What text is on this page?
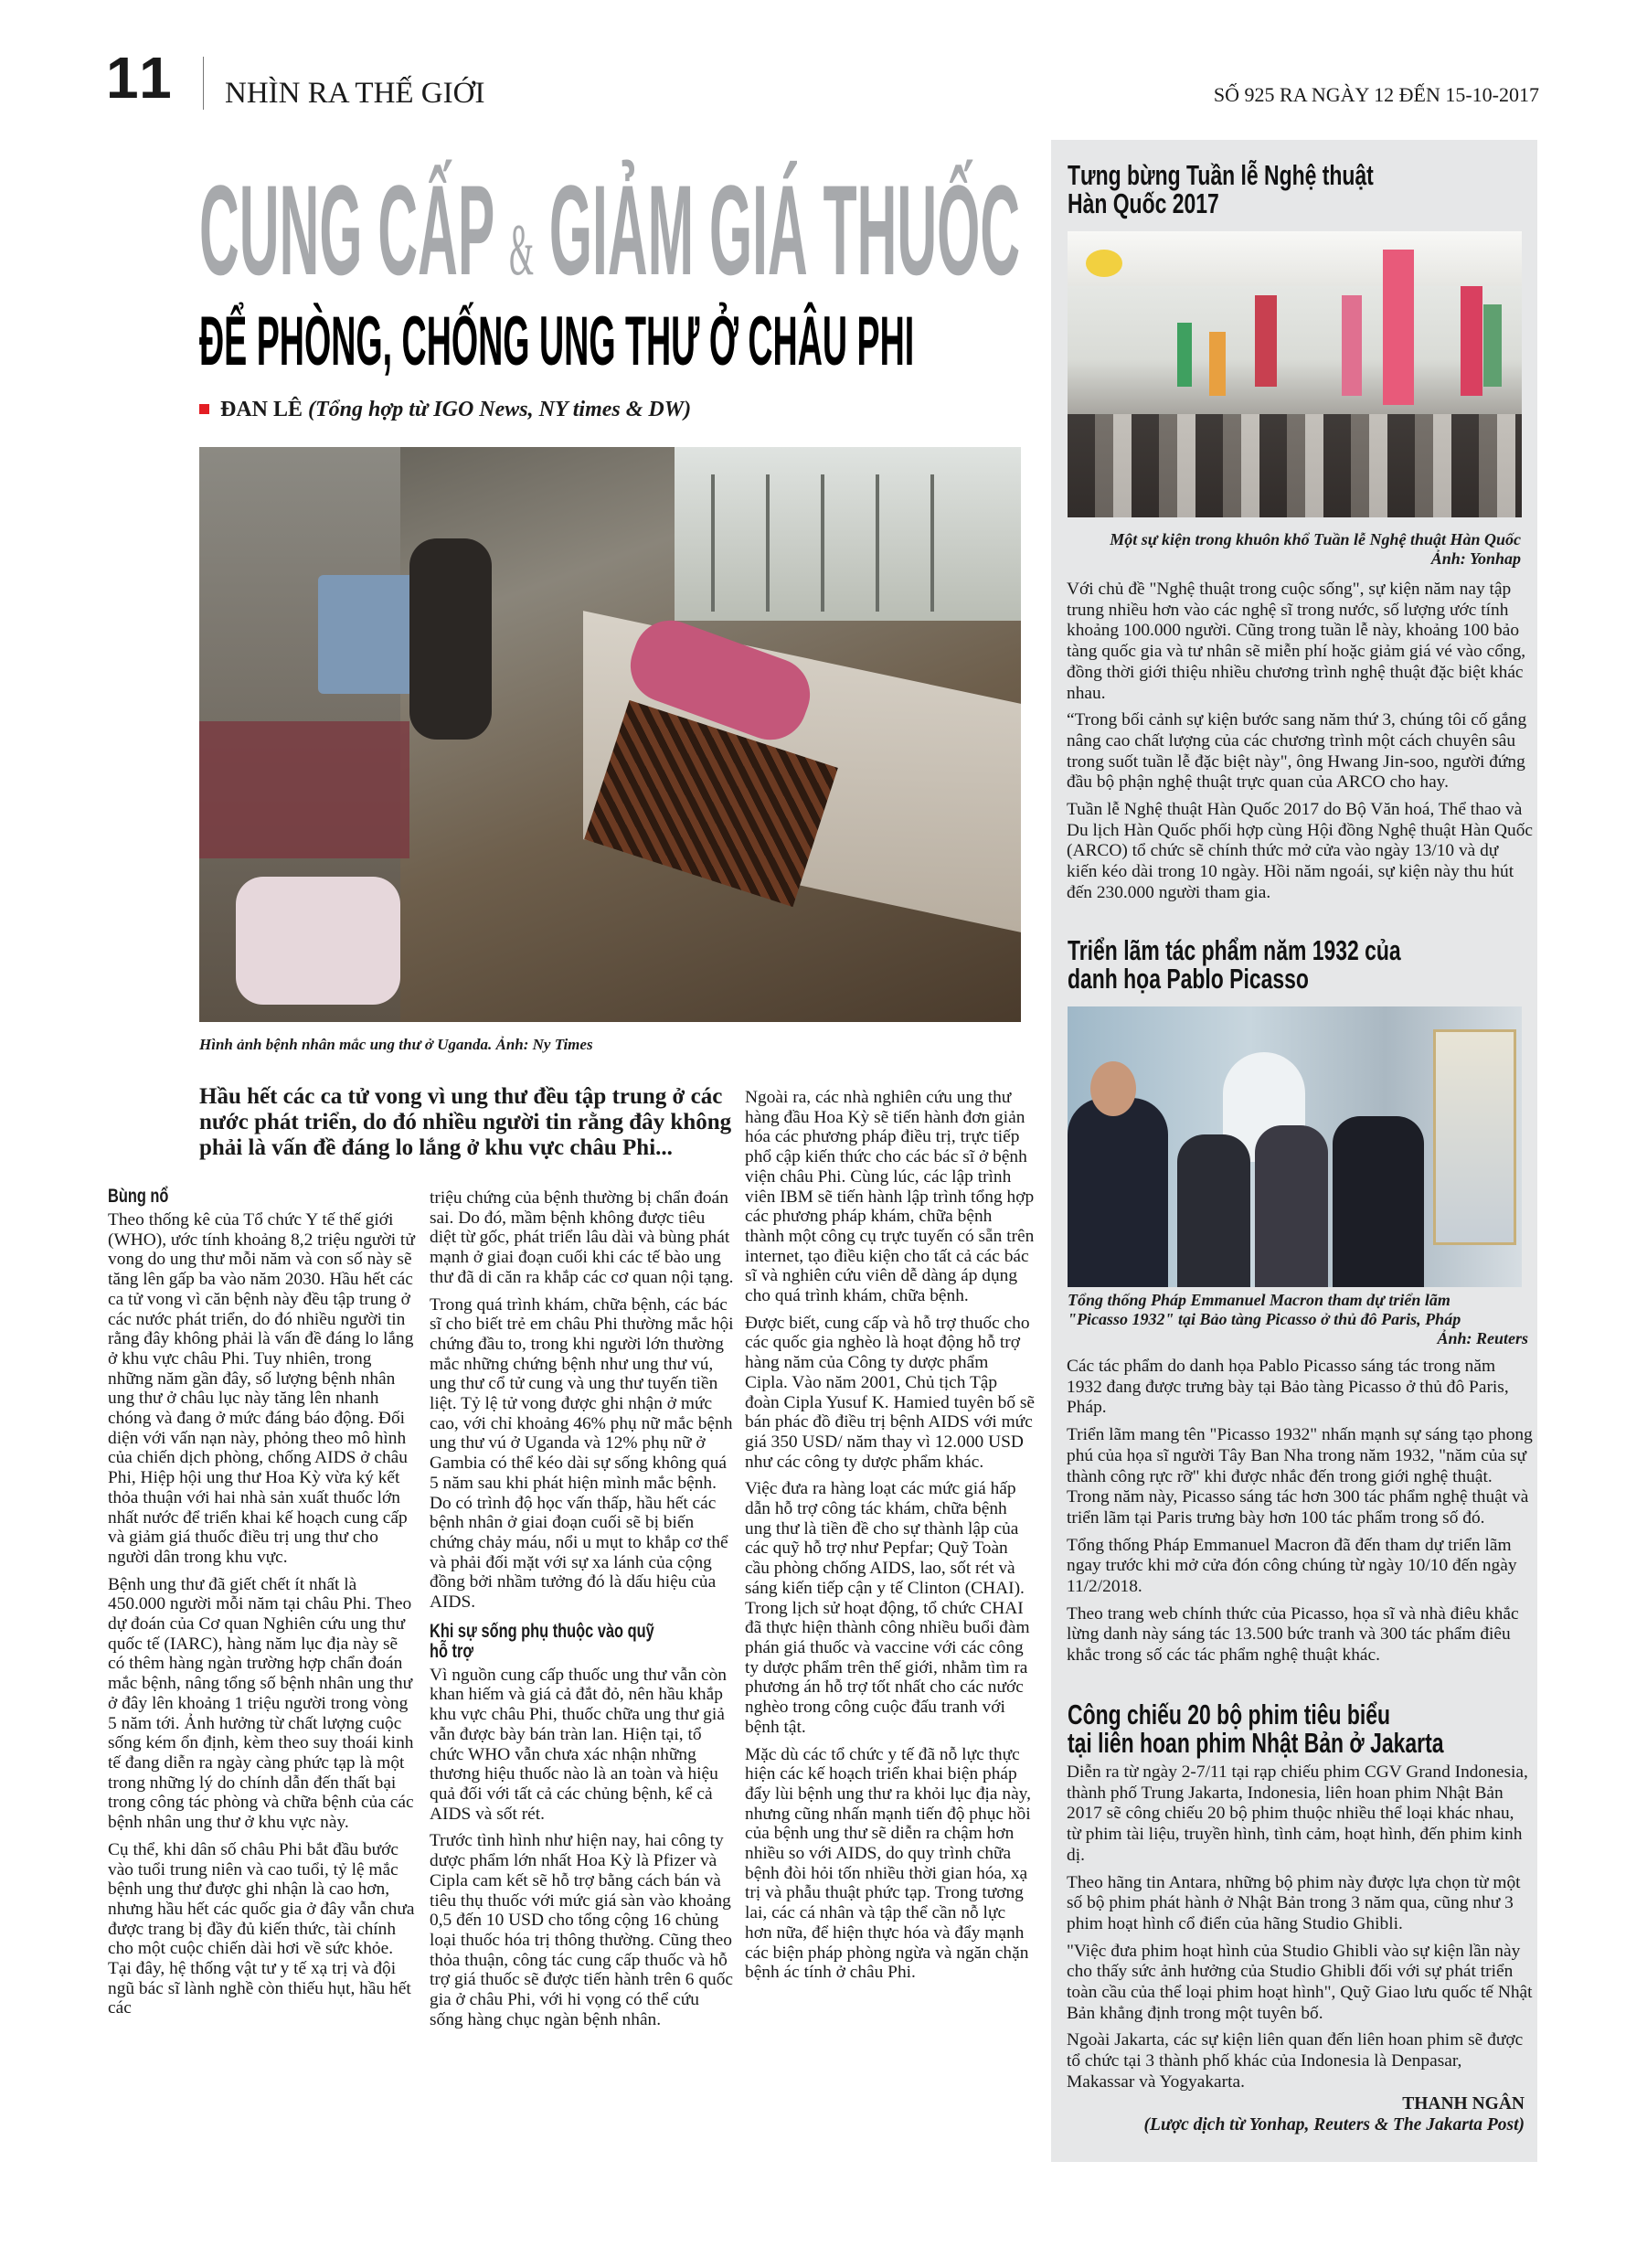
11 NHÌN RA THẾ GIỚI	SỐ 925 RA NGÀY 12 ĐẾN 15-10-2017
CUNG CẤP & GIẢM GIÁ THUỐC
ĐỂ PHÒNG, CHỐNG UNG THƯ Ở CHÂU PHI
ĐAN LÊ (Tổng hợp từ IGO News, NY times & DW)
Hình ảnh bệnh nhân mắc ung thư ở Uganda. Ảnh: Ny Times
Hầu hết các ca tử vong vì ung thư đều tập trung ở các nước phát triển, do đó nhiều người tin rằng đây không phải là vấn đề đáng lo lắng ở khu vực châu Phi...
Bùng nổ

Theo thống kê của Tổ chức Y tế thế giới (WHO), ước tính khoảng 8,2 triệu người tử vong do ung thư mỗi năm và con số này sẽ tăng lên gấp ba vào năm 2030. Hầu hết các ca tử vong vì căn bệnh này đều tập trung ở các nước phát triển, do đó nhiều người tin rằng đây không phải là vấn đề đáng lo lắng ở khu vực châu Phi. Tuy nhiên, trong những năm gần đây, số lượng bệnh nhân ung thư ở châu lục này tăng lên nhanh chóng và đang ở mức đáng báo động. Đối diện với vấn nạn này, phỏng theo mô hình của chiến dịch phòng, chống AIDS ở châu Phi, Hiệp hội ung thư Hoa Kỳ vừa ký kết thỏa thuận với hai nhà sản xuất thuốc lớn nhất nước để triển khai kế hoạch cung cấp và giảm giá thuốc điều trị ung thư cho người dân trong khu vực.

Bệnh ung thư đã giết chết ít nhất là 450.000 người mỗi năm tại châu Phi. Theo dự đoán của Cơ quan Nghiên cứu ung thư quốc tế (IARC), hàng năm lục địa này sẽ có thêm hàng ngàn trường hợp chẩn đoán mắc bệnh, nâng tổng số bệnh nhân ung thư ở đây lên khoảng 1 triệu người trong vòng 5 năm tới. Ảnh hưởng từ chất lượng cuộc sống kém ổn định, kèm theo suy thoái kinh tế đang diễn ra ngày càng phức tạp là một trong những lý do chính dẫn đến thất bại trong công tác phòng và chữa bệnh của các bệnh nhân ung thư ở khu vực này.

Cụ thể, khi dân số châu Phi bắt đầu bước vào tuổi trung niên và cao tuổi, tỷ lệ mắc bệnh ung thư được ghi nhận là cao hơn, nhưng hầu hết các quốc gia ở đây vẫn chưa được trang bị đầy đủ kiến thức, tài chính cho một cuộc chiến dài hơi về sức khỏe. Tại đây, hệ thống vật tư y tế xạ trị và đội ngũ bác sĩ lành nghề còn thiếu hụt, hầu hết các

triệu chứng của bệnh thường bị chẩn đoán sai. Do đó, mầm bệnh không được tiêu diệt từ gốc, phát triển lâu dài và bùng phát mạnh ở giai đoạn cuối khi các tế bào ung thư đã di căn ra khắp các cơ quan nội tạng.

Trong quá trình khám, chữa bệnh, các bác sĩ cho biết trẻ em châu Phi thường mắc hội chứng đầu to, trong khi người lớn thường mắc những chứng bệnh như ung thư vú, ung thư cổ tử cung và ung thư tuyến tiền liệt. Tỷ lệ tử vong được ghi nhận ở mức cao, với chỉ khoảng 46% phụ nữ mắc bệnh ung thư vú ở Uganda và 12% phụ nữ ở Gambia có thể kéo dài sự sống không quá 5 năm sau khi phát hiện mình mắc bệnh. Do có trình độ học vấn thấp, hầu hết các bệnh nhân ở giai đoạn cuối sẽ bị biến chứng chảy máu, nổi u mụt to khắp cơ thể và phải đối mặt với sự xa lánh của cộng đồng bởi nhầm tưởng đó là dấu hiệu của AIDS.

Khi sự sống phụ thuộc vào quỹ
hỗ trợ

Vì nguồn cung cấp thuốc ung thư vẫn còn khan hiếm và giá cả đắt đỏ, nên hầu khắp khu vực châu Phi, thuốc chữa ung thư giả vẫn được bày bán tràn lan. Hiện tại, tổ chức WHO vẫn chưa xác nhận những thương hiệu thuốc nào là an toàn và hiệu quả đối với tất cả các chủng bệnh, kể cả AIDS và sốt rét.

Trước tình hình như hiện nay, hai công ty dược phẩm lớn nhất Hoa Kỳ là Pfizer và Cipla cam kết sẽ hỗ trợ bằng cách bán và tiêu thụ thuốc với mức giá sàn vào khoảng 0,5 đến 10 USD cho tổng cộng 16 chủng loại thuốc hóa trị thông thường. Cũng theo thỏa thuận, công tác cung cấp thuốc và hỗ trợ giá thuốc sẽ được tiến hành trên 6 quốc gia ở châu Phi, với hi vọng có thể cứu sống hàng chục ngàn bệnh nhân.

Ngoài ra, các nhà nghiên cứu ung thư hàng đầu Hoa Kỳ sẽ tiến hành đơn giản hóa các phương pháp điều trị, trực tiếp phổ cập kiến thức cho các bác sĩ ở bệnh viện châu Phi. Cùng lúc, các lập trình viên IBM sẽ tiến hành lập trình tổng hợp các phương pháp khám, chữa bệnh thành một công cụ trực tuyến có sẵn trên internet, tạo điều kiện cho tất cả các bác sĩ và nghiên cứu viên dễ dàng áp dụng cho quá trình khám, chữa bệnh.

Được biết, cung cấp và hỗ trợ thuốc cho các quốc gia nghèo là hoạt động hỗ trợ hàng năm của Công ty dược phẩm Cipla. Vào năm 2001, Chủ tịch Tập đoàn Cipla Yusuf K. Hamied tuyên bố sẽ bán phác đồ điều trị bệnh AIDS với mức giá 350 USD/ năm thay vì 12.000 USD như các công ty dược phẩm khác.

Việc đưa ra hàng loạt các mức giá hấp dẫn hỗ trợ công tác khám, chữa bệnh ung thư là tiền đề cho sự thành lập của các quỹ hỗ trợ như Pepfar; Quỹ Toàn cầu phòng chống AIDS, lao, sốt rét và sáng kiến tiếp cận y tế Clinton (CHAI). Trong lịch sử hoạt động, tổ chức CHAI đã thực hiện thành công nhiều buổi đàm phán giá thuốc và vaccine với các công ty dược phẩm trên thế giới, nhằm tìm ra phương án hỗ trợ tốt nhất cho các nước nghèo trong công cuộc đấu tranh với bệnh tật.

Mặc dù các tổ chức y tế đã nỗ lực thực hiện các kế hoạch triển khai biện pháp đẩy lùi bệnh ung thư ra khỏi lục địa này, nhưng cũng nhấn mạnh tiến độ phục hồi của bệnh ung thư sẽ diễn ra chậm hơn nhiều so với AIDS, do quy trình chữa bệnh đòi hỏi tốn nhiều thời gian hóa, xạ trị và phẫu thuật phức tạp. Trong tương lai, các cá nhân và tập thể cần nỗ lực hơn nữa, để hiện thực hóa và đẩy mạnh các biện pháp phòng ngừa và ngăn chặn bệnh ác tính ở châu Phi.

Tưng bừng Tuần lễ Nghệ thuật
Hàn Quốc 2017
Một sự kiện trong khuôn khổ Tuần lễ Nghệ thuật Hàn Quốc
Ảnh: Yonhap

Với chủ đề "Nghệ thuật trong cuộc sống", sự kiện năm nay tập trung nhiều hơn vào các nghệ sĩ trong nước, số lượng ước tính khoảng 100.000 người. Cũng trong tuần lễ này, khoảng 100 bảo tàng quốc gia và tư nhân sẽ miễn phí hoặc giảm giá vé vào cổng, đồng thời giới thiệu nhiều chương trình nghệ thuật đặc biệt khác nhau.

“Trong bối cảnh sự kiện bước sang năm thứ 3, chúng tôi cố gắng nâng cao chất lượng của các chương trình một cách chuyên sâu trong suốt tuần lễ đặc biệt này", ông Hwang Jin-soo, người đứng đầu bộ phận nghệ thuật trực quan của ARCO cho hay.

Tuần lễ Nghệ thuật Hàn Quốc 2017 do Bộ Văn hoá, Thể thao và Du lịch Hàn Quốc phối hợp cùng Hội đồng Nghệ thuật Hàn Quốc (ARCO) tổ chức sẽ chính thức mở cửa vào ngày 13/10 và dự kiến kéo dài trong 10 ngày. Hồi năm ngoái, sự kiện này thu hút đến 230.000 người tham gia.

Triển lãm tác phẩm năm 1932 của
danh họa Pablo Picasso
Tổng thống Pháp Emmanuel Macron tham dự triển lãm
"Picasso 1932" tại Bảo tàng Picasso ở thủ đô Paris, Pháp
Ảnh: Reuters

Các tác phẩm do danh họa Pablo Picasso sáng tác trong năm 1932 đang được trưng bày tại Bảo tàng Picasso ở thủ đô Paris, Pháp.

Triển lãm mang tên "Picasso 1932" nhấn mạnh sự sáng tạo phong phú của họa sĩ người Tây Ban Nha trong năm 1932, "năm của sự thành công rực rỡ" khi được nhắc đến trong giới nghệ thuật. Trong năm này, Picasso sáng tác hơn 300 tác phẩm nghệ thuật và triển lãm tại Paris trưng bày hơn 100 tác phẩm trong số đó.

Tổng thống Pháp Emmanuel Macron đã đến tham dự triển lãm ngay trước khi mở cửa đón công chúng từ ngày 10/10 đến ngày 11/2/2018.

Theo trang web chính thức của Picasso, họa sĩ và nhà điêu khắc lừng danh này sáng tác 13.500 bức tranh và 300 tác phẩm điêu khắc trong số các tác phẩm nghệ thuật khác.

Công chiếu 20 bộ phim tiêu biểu
tại liên hoan phim Nhật Bản ở Jakarta

Diễn ra từ ngày 2-7/11 tại rạp chiếu phim CGV Grand Indonesia, thành phố Trung Jakarta, Indonesia, liên hoan phim Nhật Bản 2017 sẽ công chiếu 20 bộ phim thuộc nhiều thể loại khác nhau, từ phim tài liệu, truyền hình, tình cảm, hoạt hình, đến phim kinh dị.

Theo hãng tin Antara, những bộ phim này được lựa chọn từ một số bộ phim phát hành ở Nhật Bản trong 3 năm qua, cũng như 3 phim hoạt hình cổ điển của hãng Studio Ghibli.

"Việc đưa phim hoạt hình của Studio Ghibli vào sự kiện lần này cho thấy sức ảnh hưởng của Studio Ghibli đối với sự phát triển toàn cầu của thể loại phim hoạt hình", Quỹ Giao lưu quốc tế Nhật Bản khẳng định trong một tuyên bố.

Ngoài Jakarta, các sự kiện liên quan đến liên hoan phim sẽ được tổ chức tại 3 thành phố khác của Indonesia là Denpasar, Makassar và Yogyakarta.

THANH NGÂN
(Lược dịch từ Yonhap, Reuters & The Jakarta Post)
